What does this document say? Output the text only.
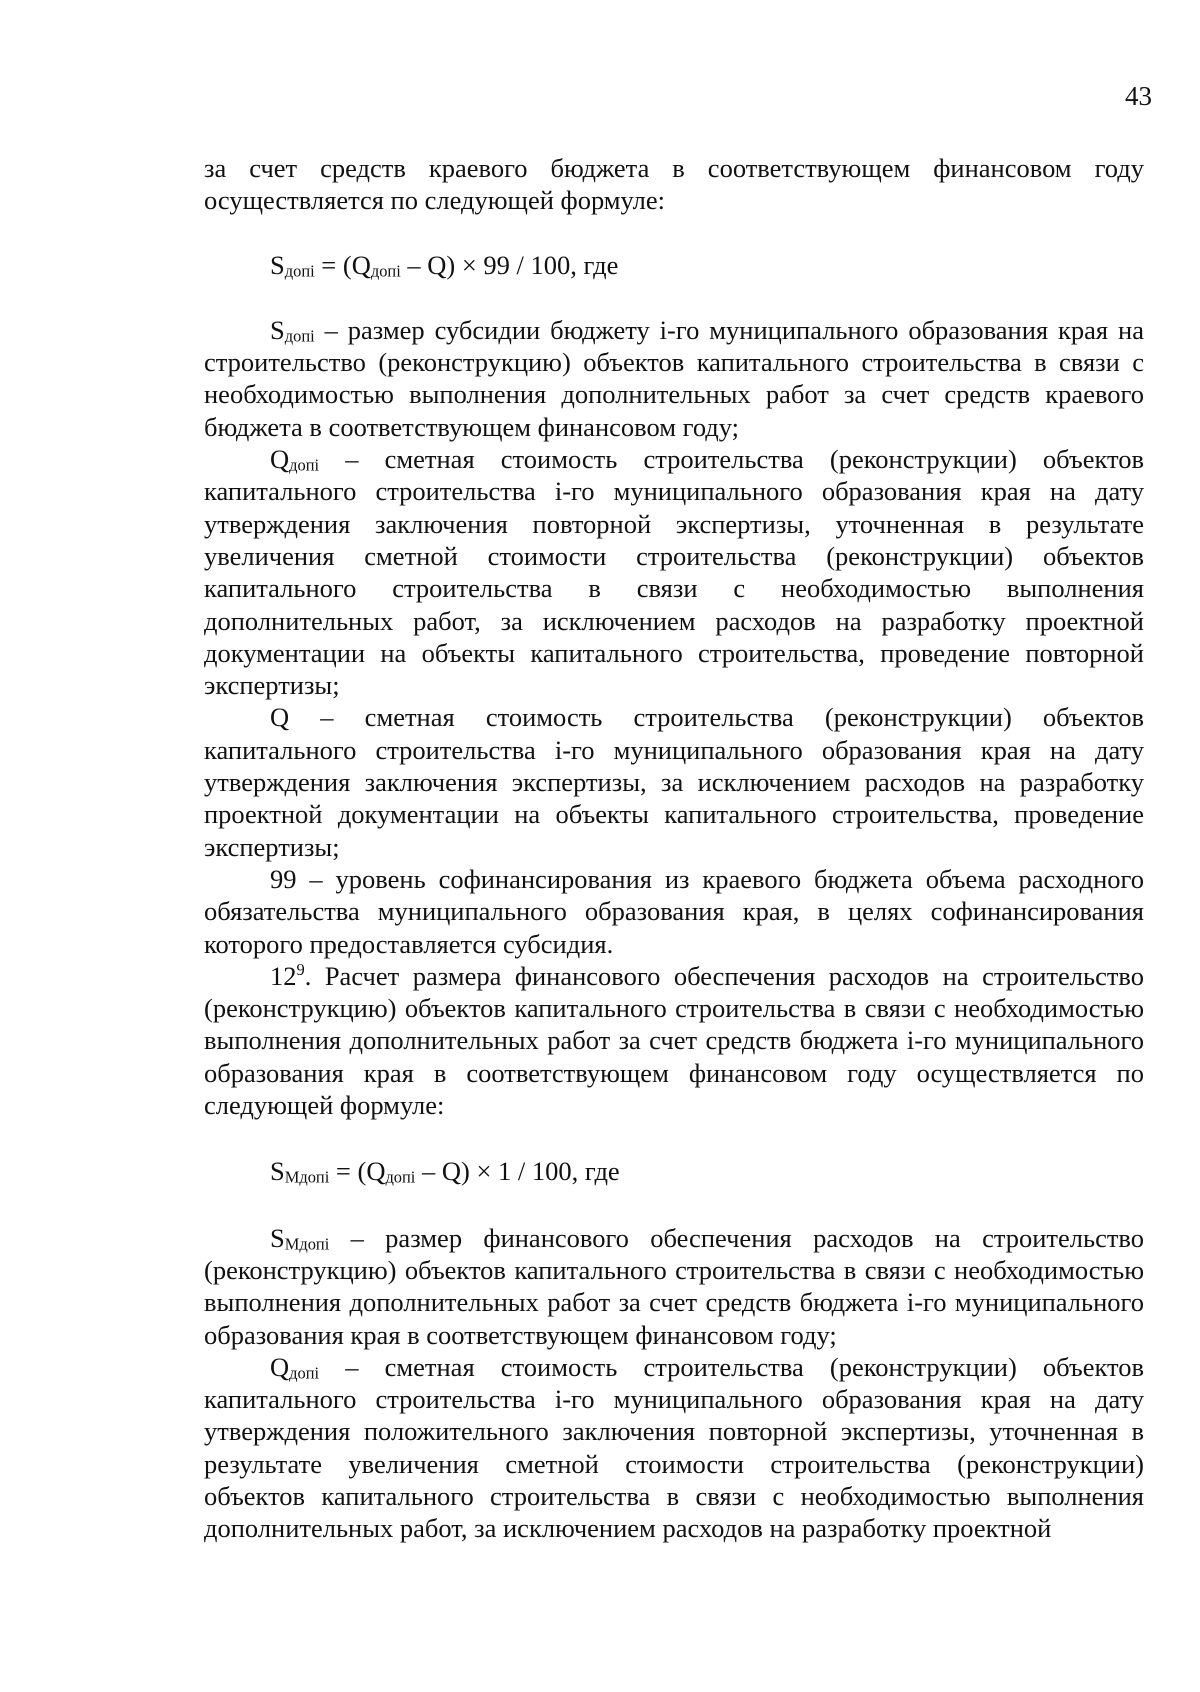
43

за счет средств краевого бюджета в соответствующем финансовом году осуществляется по следующей формуле:

$S_{допi} = (Q_{допi} - Q) \times 99 / 100$, где

$S_{допi}$ – размер субсидии бюджету i-го муниципального образования края на строительство (реконструкцию) объектов капитального строительства в связи с необходимостью выполнения дополнительных работ за счет средств краевого бюджета в соответствующем финансовом году;

$Q_{допi}$ – сметная стоимость строительства (реконструкции) объектов капитального строительства i-го муниципального образования края на дату утверждения заключения повторной экспертизы, уточненная в результате увеличения сметной стоимости строительства (реконструкции) объектов капитального строительства в связи с необходимостью выполнения дополнительных работ, за исключением расходов на разработку проектной документации на объекты капитального строительства, проведение повторной экспертизы;

Q – сметная стоимость строительства (реконструкции) объектов капитального строительства i-го муниципального образования края на дату утверждения заключения экспертизы, за исключением расходов на разработку проектной документации на объекты капитального строительства, проведение экспертизы;

99 – уровень софинансирования из краевого бюджета объема расходного обязательства муниципального образования края, в целях софинансирования которого предоставляется субсидия.

$12^9$. Расчет размера финансового обеспечения расходов на строительство (реконструкцию) объектов капитального строительства в связи с необходимостью выполнения дополнительных работ за счет средств бюджета i-го муниципального образования края в соответствующем финансовом году осуществляется по следующей формуле:

$S_{Мдопi} = (Q_{допi} - Q) \times 1 / 100$, где

$S_{Мдопi}$ – размер финансового обеспечения расходов на строительство (реконструкцию) объектов капитального строительства в связи с необходимостью выполнения дополнительных работ за счет средств бюджета i-го муниципального образования края в соответствующем финансовом году;

$Q_{допi}$ – сметная стоимость строительства (реконструкции) объектов капитального строительства i-го муниципального образования края на дату утверждения положительного заключения повторной экспертизы, уточненная в результате увеличения сметной стоимости строительства (реконструкции) объектов капитального строительства в связи с необходимостью выполнения дополнительных работ, за исключением расходов на разработку проектной
